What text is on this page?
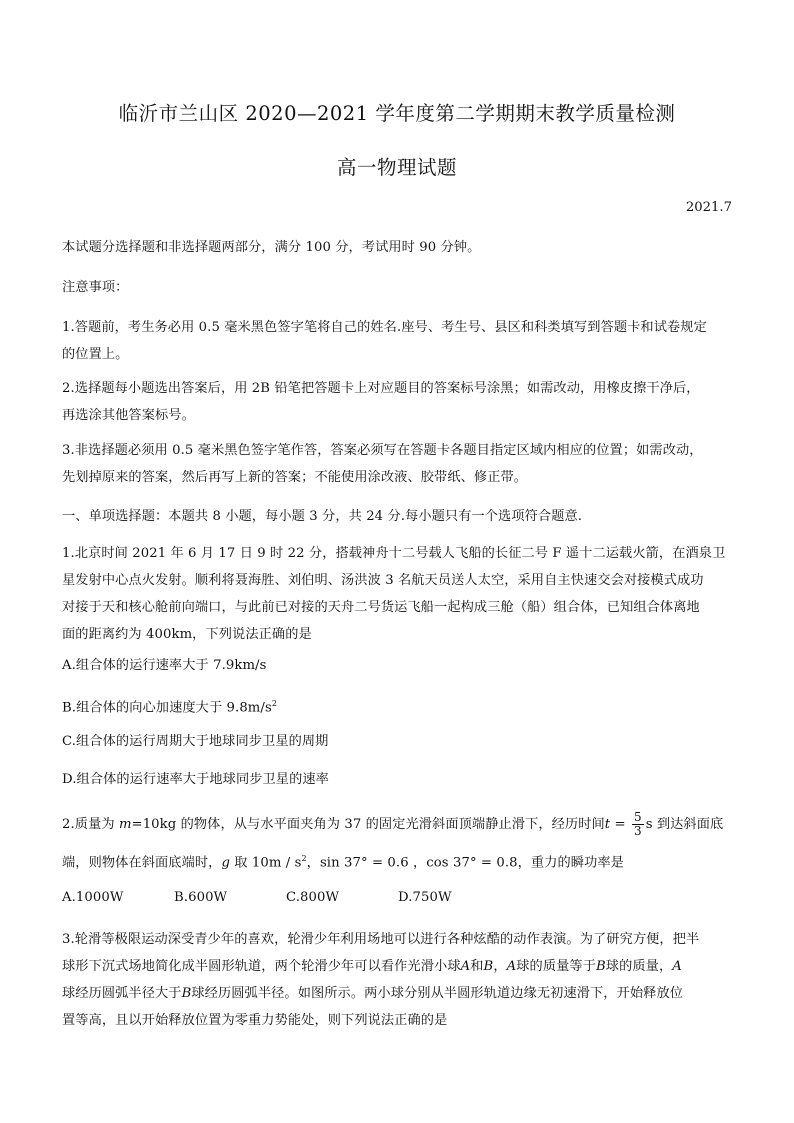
临沂市兰山区 2020—2021 学年度第二学期期末教学质量检测
高一物理试题
2021.7
本试题分选择题和非选择题两部分，满分 100 分，考试用时 90 分钟。
注意事项：
1.答题前，考生务必用 0.5 毫米黑色签字笔将自己的姓名.座号、考生号、县区和科类填写到答题卡和试卷规定
的位置上。
2.选择题每小题选出答案后，用 2B 铅笔把答题卡上对应题目的答案标号涂黑；如需改动，用橡皮擦干净后，
再选涂其他答案标号。
3.非选择题必须用 0.5 毫米黑色签字笔作答，答案必须写在答题卡各题目指定区域内相应的位置；如需改动，
先划掉原来的答案，然后再写上新的答案；不能使用涂改液、胶带纸、修正带。
一、单项选择题：本题共 8 小题，每小题 3 分，共 24 分.每小题只有一个选项符合题意.
1.北京时间 2021 年 6 月 17 日 9 时 22 分，搭载神舟十二号载人飞船的长征二号 F 遥十二运载火箭，在酒泉卫
星发射中心点火发射。顺利将聂海胜、刘伯明、汤洪波 3 名航天员送人太空，采用自主快速交会对接模式成功
对接于天和核心舱前向端口，与此前已对接的天舟二号货运飞船一起构成三舱（船）组合体，已知组合体离地
面的距离约为 400km，下列说法正确的是
A.组合体的运行速率大于 7.9km/s
B.组合体的向心加速度大于 $9.8m/s^2$
C.组合体的运行周期大于地球同步卫星的周期
D.组合体的运行速率大于地球同步卫星的速率
2.质量为 m=10kg 的物体，从与水平面夹角为 37 的固定光滑斜面顶端静止滑下，经历时间$t = \frac{5}{3}$ s 到达斜面底
端，则物体在斜面底端时，g 取 $10m / s^2$，sin 37° = 0.6 ，cos 37° = 0.8，重力的瞬功率是
A.1000W	B.600W	C.800W	D.750W
3.轮滑等极限运动深受青少年的喜欢，轮滑少年利用场地可以进行各种炫酷的动作表演。为了研究方便，把半
球形下沉式场地简化成半圆形轨道，两个轮滑少年可以看作光滑小球A和B，A球的质量等于B球的质量，A
球经历圆弧半径大于B球经历圆弧半径。如图所示。两小球分别从半圆形轨道边缘无初速滑下，开始释放位
置等高，且以开始释放位置为零重力势能处，则下列说法正确的是
